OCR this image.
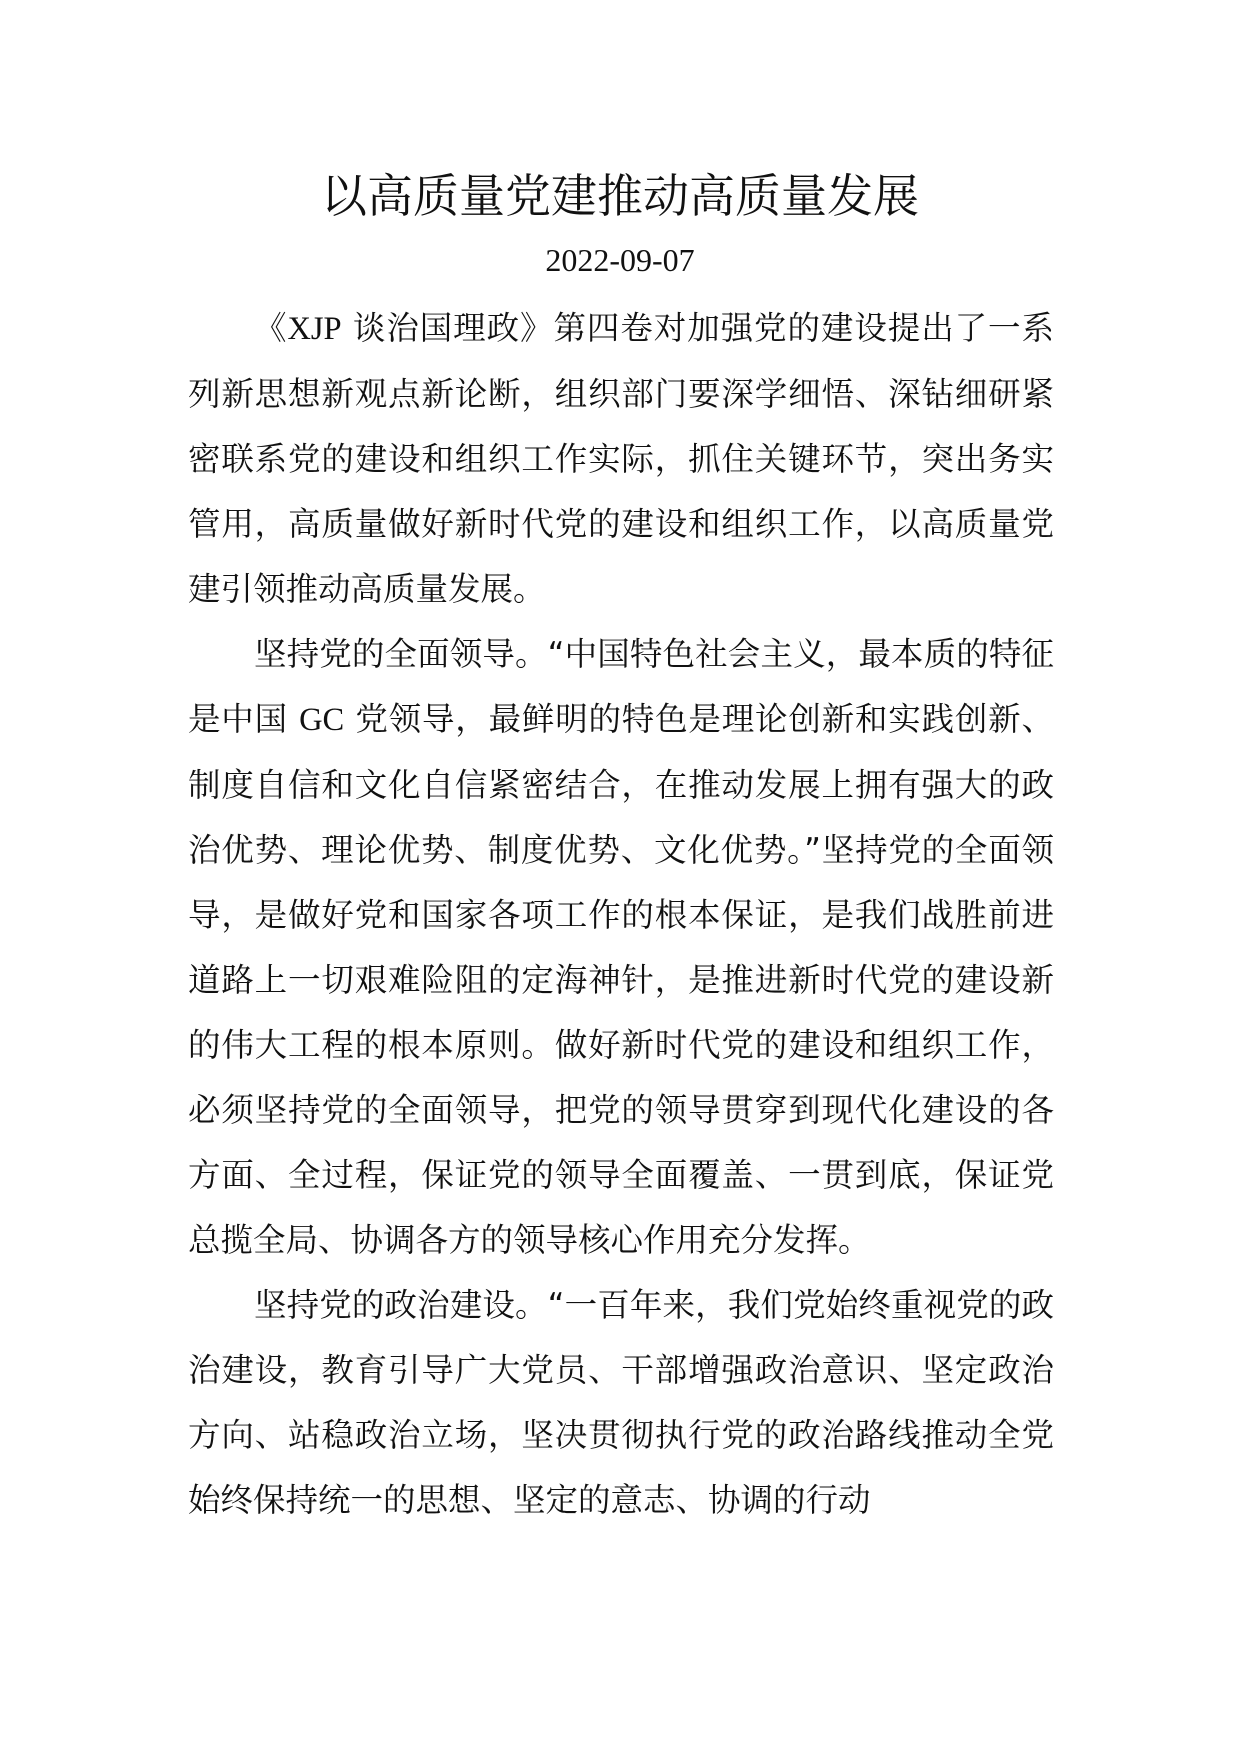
以高质量党建推动高质量发展
2022-09-07

《XJP 谈治国理政》第四卷对加强党的建设提出了一系列新思想新观点新论断，组织部门要深学细悟、深钻细研紧密联系党的建设和组织工作实际，抓住关键环节，突出务实管用，高质量做好新时代党的建设和组织工作，以高质量党建引领推动高质量发展。

坚持党的全面领导。“中国特色社会主义，最本质的特征是中国 GC 党领导，最鲜明的特色是理论创新和实践创新、制度自信和文化自信紧密结合，在推动发展上拥有强大的政治优势、理论优势、制度优势、文化优势。”坚持党的全面领导，是做好党和国家各项工作的根本保证，是我们战胜前进道路上一切艰难险阻的定海神针，是推进新时代党的建设新的伟大工程的根本原则。做好新时代党的建设和组织工作，必须坚持党的全面领导，把党的领导贯穿到现代化建设的各方面、全过程，保证党的领导全面覆盖、一贯到底，保证党总揽全局、协调各方的领导核心作用充分发挥。

坚持党的政治建设。“一百年来，我们党始终重视党的政治建设，教育引导广大党员、干部增强政治意识、坚定政治方向、站稳政治立场，坚决贯彻执行党的政治路线推动全党始终保持统一的思想、坚定的意志、协调的行动
